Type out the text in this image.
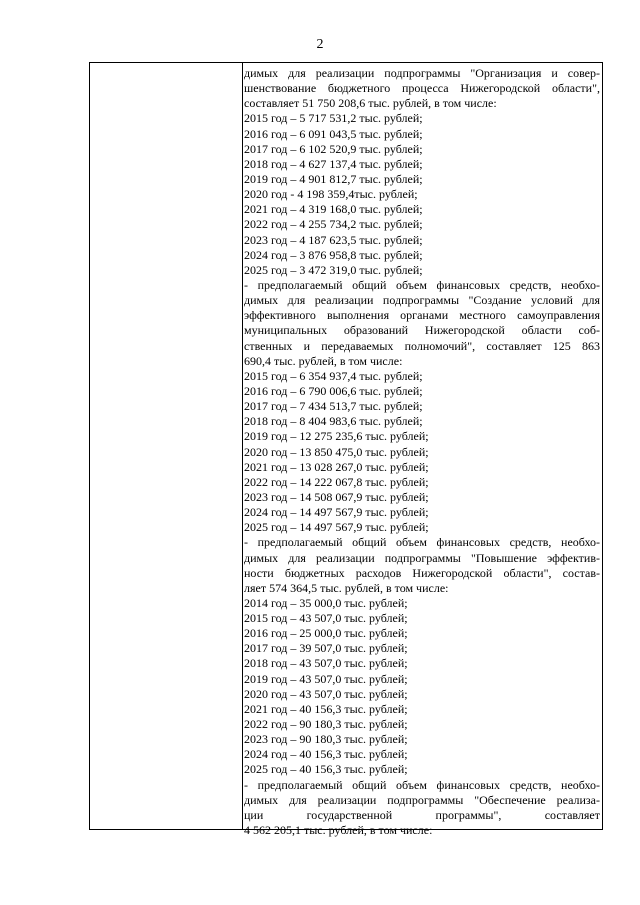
2
димых для реализации подпрограммы "Организация и совер-
шенствование бюджетного процесса Нижегородской области",
составляет 51 750 208,6 тыс. рублей, в том числе:
2015 год – 5 717 531,2 тыс. рублей;
2016 год – 6 091 043,5 тыс. рублей;
2017 год – 6 102 520,9 тыс. рублей;
2018 год – 4 627 137,4 тыс. рублей;
2019 год – 4 901 812,7 тыс. рублей;
2020 год - 4 198 359,4тыс. рублей;
2021 год – 4 319 168,0 тыс. рублей;
2022 год – 4 255 734,2 тыс. рублей;
2023 год – 4 187 623,5 тыс. рублей;
2024 год – 3 876 958,8 тыс. рублей;
2025 год – 3 472 319,0 тыс. рублей;
- предполагаемый общий объем финансовых средств, необхо-
димых для реализации подпрограммы "Создание условий для
эффективного выполнения органами местного самоуправления
муниципальных образований Нижегородской области соб-
ственных и передаваемых полномочий", составляет 125 863
690,4 тыс. рублей, в том числе:
2015 год – 6 354 937,4 тыс. рублей;
2016 год – 6 790 006,6 тыс. рублей;
2017 год – 7 434 513,7 тыс. рублей;
2018 год – 8 404 983,6 тыс. рублей;
2019 год – 12 275 235,6 тыс. рублей;
2020 год – 13 850 475,0 тыс. рублей;
2021 год – 13 028 267,0 тыс. рублей;
2022 год – 14 222 067,8 тыс. рублей;
2023 год – 14 508 067,9 тыс. рублей;
2024 год – 14 497 567,9 тыс. рублей;
2025 год – 14 497 567,9 тыс. рублей;
- предполагаемый общий объем финансовых средств, необхо-
димых для реализации подпрограммы "Повышение эффектив-
ности бюджетных расходов Нижегородской области", состав-
ляет 574 364,5 тыс. рублей, в том числе:
2014 год – 35 000,0 тыс. рублей;
2015 год – 43 507,0 тыс. рублей;
2016 год – 25 000,0 тыс. рублей;
2017 год – 39 507,0 тыс. рублей;
2018 год – 43 507,0 тыс. рублей;
2019 год – 43 507,0 тыс. рублей;
2020 год – 43 507,0 тыс. рублей;
2021 год – 40 156,3 тыс. рублей;
2022 год – 90 180,3 тыс. рублей;
2023 год – 90 180,3 тыс. рублей;
2024 год – 40 156,3 тыс. рублей;
2025 год – 40 156,3 тыс. рублей;
- предполагаемый общий объем финансовых средств, необхо-
димых для реализации подпрограммы "Обеспечение реализа-
ции государственной программы", составляет
4 562 205,1 тыс. рублей, в том числе:
